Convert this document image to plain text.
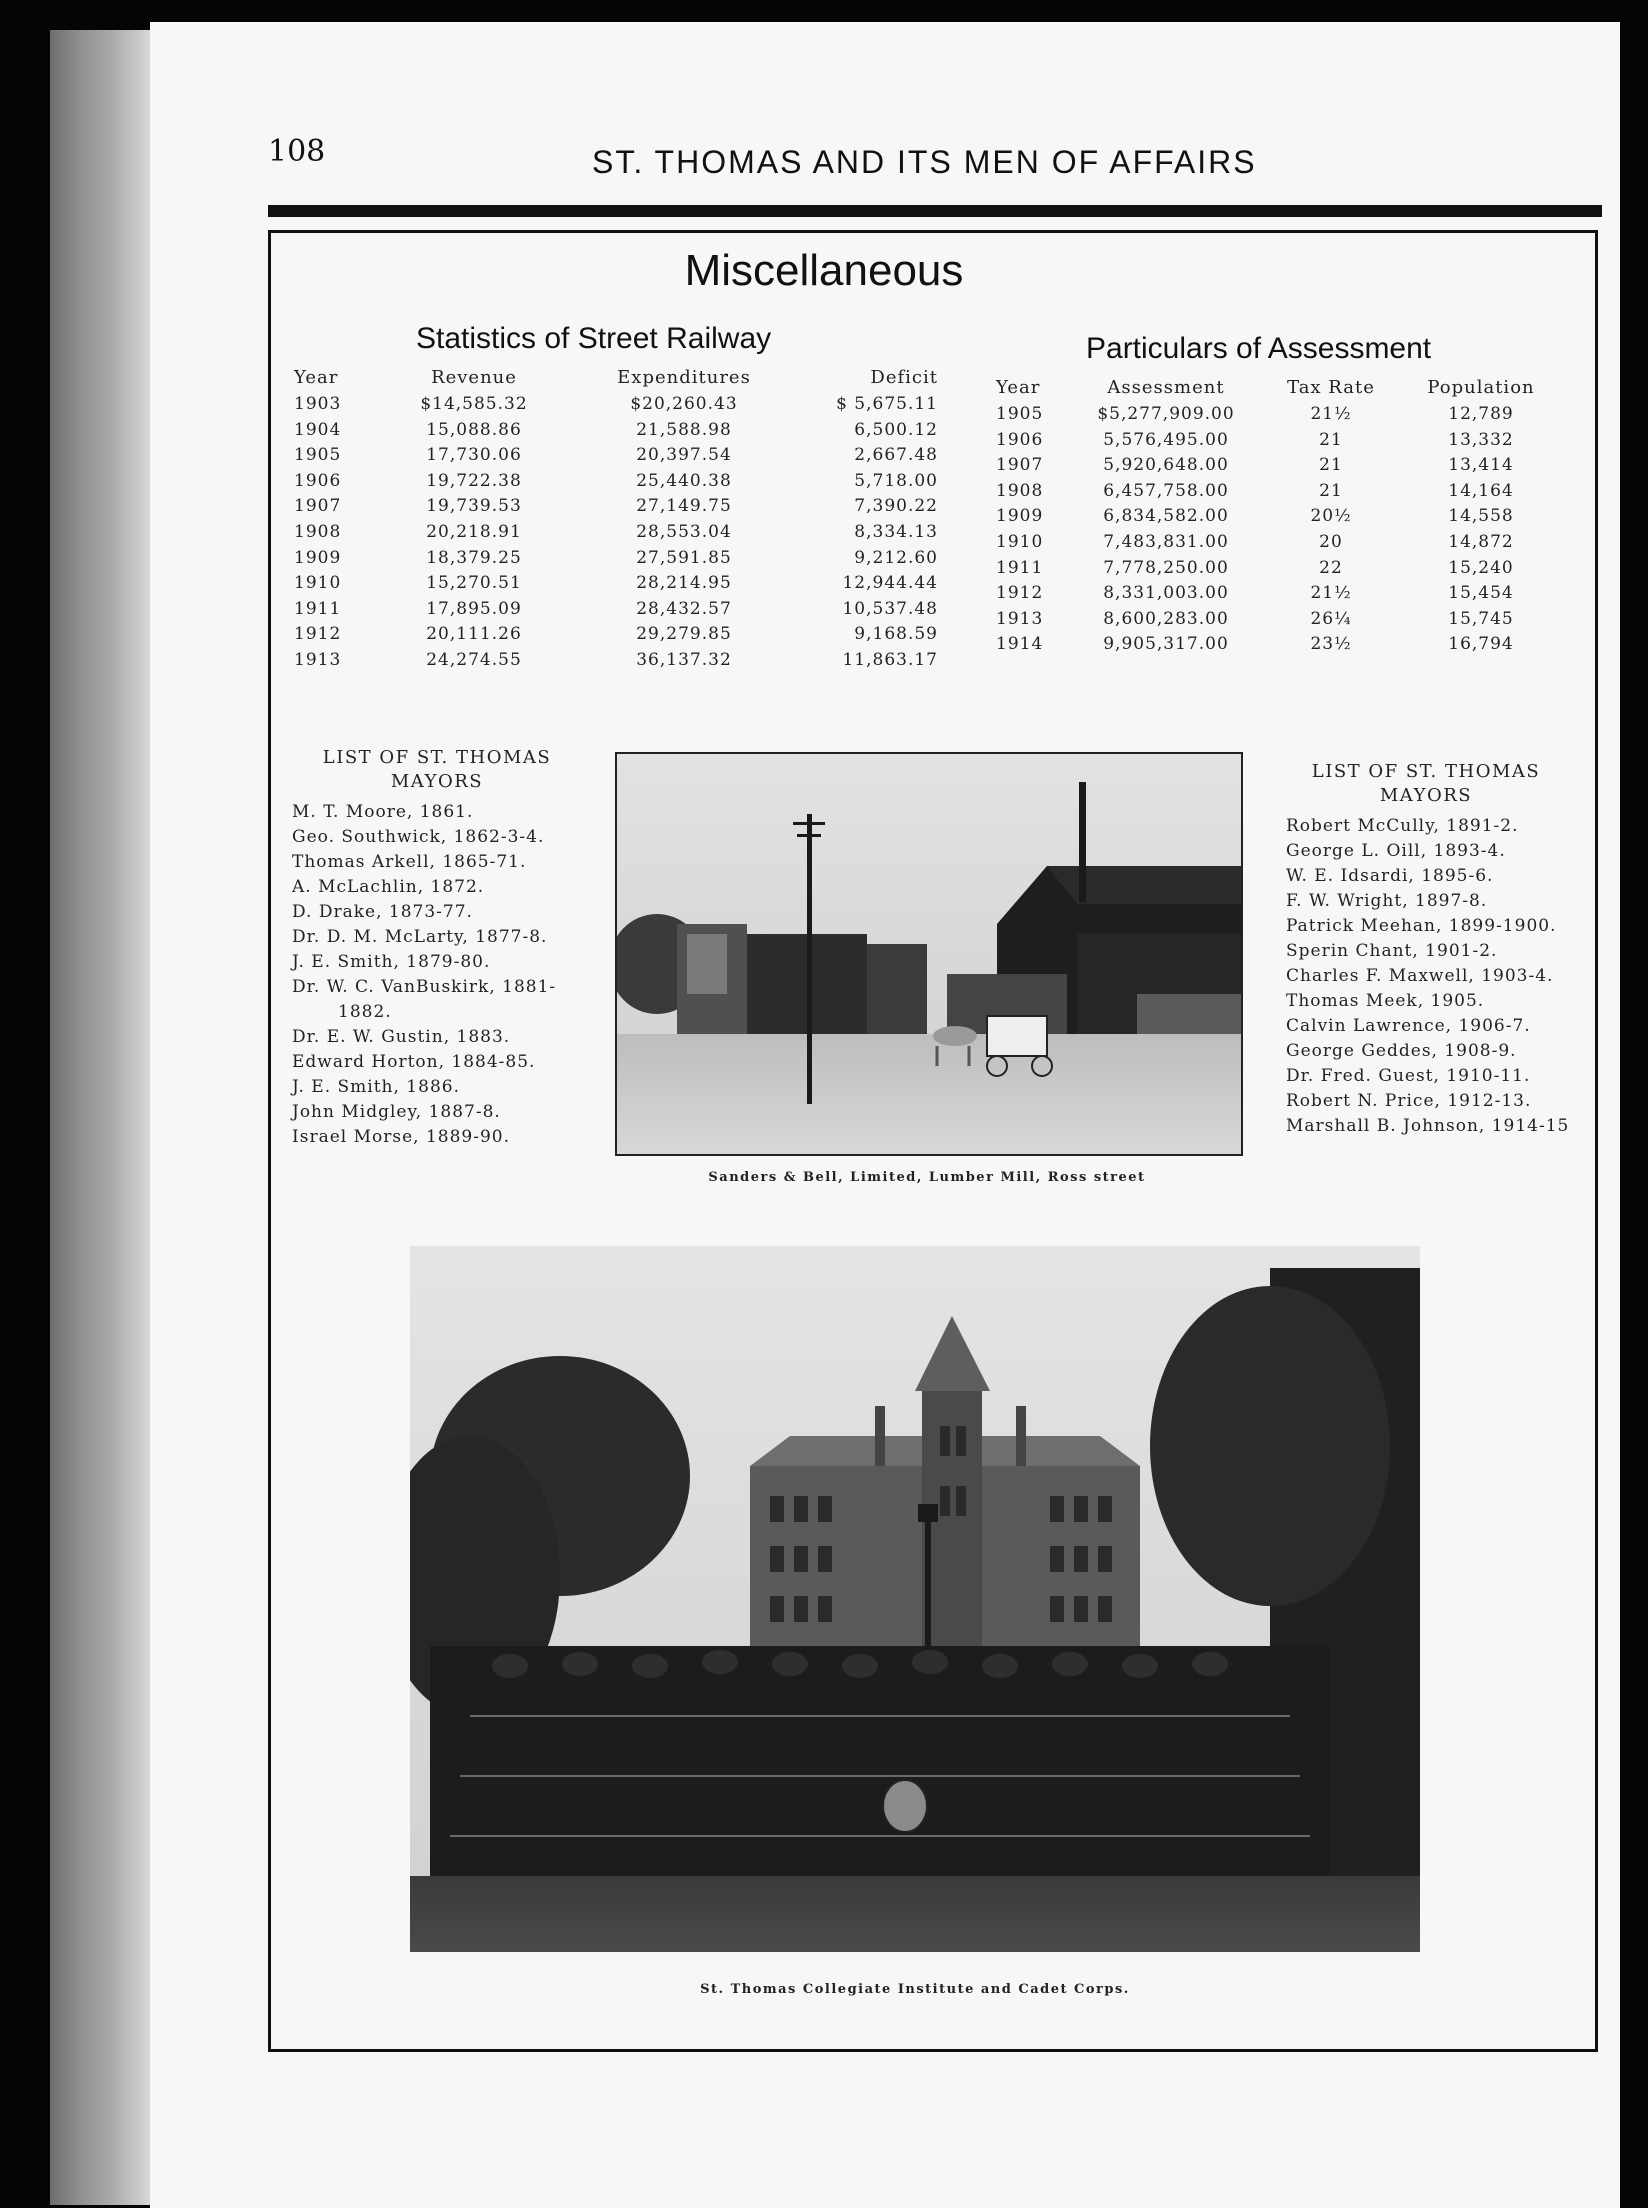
108	ST. THOMAS AND ITS MEN OF AFFAIRS
Miscellaneous
Statistics of Street Railway
Year	Revenue	Expenditures	Deficit
1903	$14,585.32	$20,260.43	$ 5,675.11
1904	15,088.86	21,588.98	6,500.12
1905	17,730.06	20,397.54	2,667.48
1906	19,722.38	25,440.38	5,718.00
1907	19,739.53	27,149.75	7,390.22
1908	20,218.91	28,553.04	8,334.13
1909	18,379.25	27,591.85	9,212.60
1910	15,270.51	28,214.95	12,944.44
1911	17,895.09	28,432.57	10,537.48
1912	20,111.26	29,279.85	9,168.59
1913	24,274.55	36,137.32	11,863.17
Particulars of Assessment
Year	Assessment	Tax Rate	Population
1905	$5,277,909.00	21½	12,789
1906	5,576,495.00	21	13,332
1907	5,920,648.00	21	13,414
1908	6,457,758.00	21	14,164
1909	6,834,582.00	20½	14,558
1910	7,483,831.00	20	14,872
1911	7,778,250.00	22	15,240
1912	8,331,003.00	21½	15,454
1913	8,600,283.00	26¼	15,745
1914	9,905,317.00	23½	16,794
LIST OF ST. THOMAS
MAYORS
M. T. Moore, 1861.
Geo. Southwick, 1862-3-4.
Thomas Arkell, 1865-71.
A. McLachlin, 1872.
D. Drake, 1873-77.
Dr. D. M. McLarty, 1877-8.
J. E. Smith, 1879-80.
Dr. W. C. VanBuskirk, 1881-
1882.
Dr. E. W. Gustin, 1883.
Edward Horton, 1884-85.
J. E. Smith, 1886.
John Midgley, 1887-8.
Israel Morse, 1889-90.
LIST OF ST. THOMAS
MAYORS
Robert McCully, 1891-2.
George L. Oill, 1893-4.
W. E. Idsardi, 1895-6.
F. W. Wright, 1897-8.
Patrick Meehan, 1899-1900.
Sperin Chant, 1901-2.
Charles F. Maxwell, 1903-4.
Thomas Meek, 1905.
Calvin Lawrence, 1906-7.
George Geddes, 1908-9.
Dr. Fred. Guest, 1910-11.
Robert N. Price, 1912-13.
Marshall B. Johnson, 1914-15
Sanders & Bell, Limited, Lumber Mill, Ross street
St. Thomas Collegiate Institute and Cadet Corps.
